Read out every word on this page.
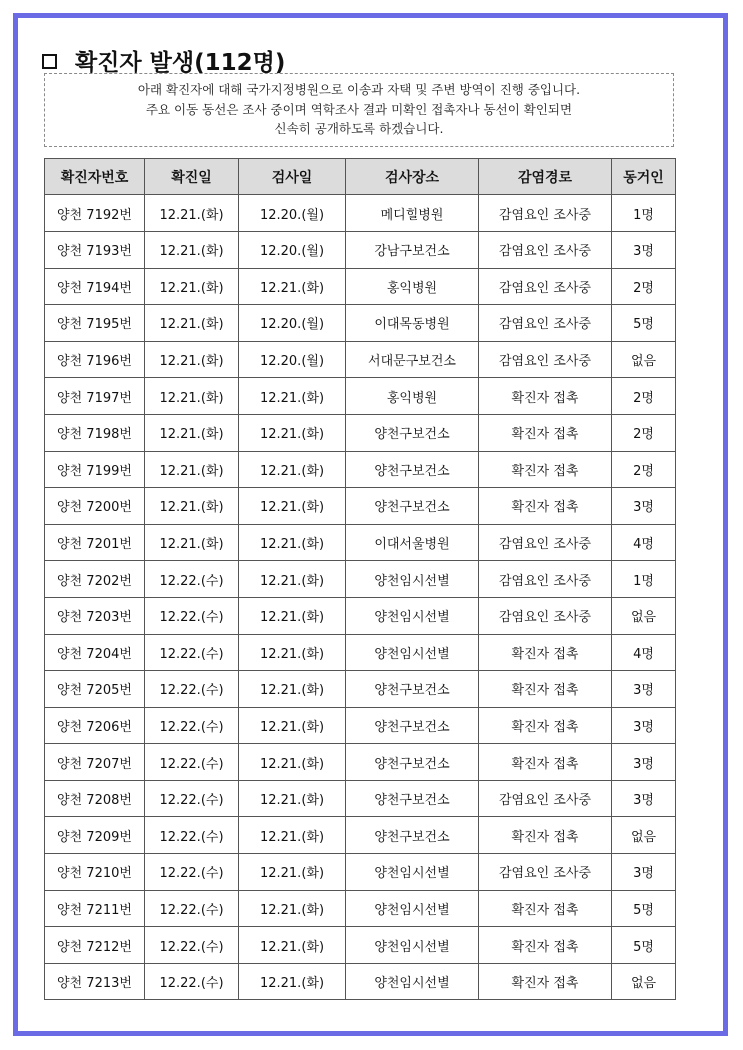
확진자 발생(112명)
아래 확진자에 대해 국가지정병원으로 이송과 자택 및 주변 방역이 진행 중입니다.
주요 이동 동선은 조사 중이며 역학조사 결과 미확인 접촉자나 동선이 확인되면
신속히 공개하도록 하겠습니다.
확진자번호	확진일	검사일	검사장소	감염경로	동거인
양천 7192번	12.21.(화)	12.20.(월)	메디힐병원	감염요인 조사중	1명
양천 7193번	12.21.(화)	12.20.(월)	강남구보건소	감염요인 조사중	3명
양천 7194번	12.21.(화)	12.21.(화)	홍익병원	감염요인 조사중	2명
양천 7195번	12.21.(화)	12.20.(월)	이대목동병원	감염요인 조사중	5명
양천 7196번	12.21.(화)	12.20.(월)	서대문구보건소	감염요인 조사중	없음
양천 7197번	12.21.(화)	12.21.(화)	홍익병원	확진자 접촉	2명
양천 7198번	12.21.(화)	12.21.(화)	양천구보건소	확진자 접촉	2명
양천 7199번	12.21.(화)	12.21.(화)	양천구보건소	확진자 접촉	2명
양천 7200번	12.21.(화)	12.21.(화)	양천구보건소	확진자 접촉	3명
양천 7201번	12.21.(화)	12.21.(화)	이대서울병원	감염요인 조사중	4명
양천 7202번	12.22.(수)	12.21.(화)	양천임시선별	감염요인 조사중	1명
양천 7203번	12.22.(수)	12.21.(화)	양천임시선별	감염요인 조사중	없음
양천 7204번	12.22.(수)	12.21.(화)	양천임시선별	확진자 접촉	4명
양천 7205번	12.22.(수)	12.21.(화)	양천구보건소	확진자 접촉	3명
양천 7206번	12.22.(수)	12.21.(화)	양천구보건소	확진자 접촉	3명
양천 7207번	12.22.(수)	12.21.(화)	양천구보건소	확진자 접촉	3명
양천 7208번	12.22.(수)	12.21.(화)	양천구보건소	감염요인 조사중	3명
양천 7209번	12.22.(수)	12.21.(화)	양천구보건소	확진자 접촉	없음
양천 7210번	12.22.(수)	12.21.(화)	양천임시선별	감염요인 조사중	3명
양천 7211번	12.22.(수)	12.21.(화)	양천임시선별	확진자 접촉	5명
양천 7212번	12.22.(수)	12.21.(화)	양천임시선별	확진자 접촉	5명
양천 7213번	12.22.(수)	12.21.(화)	양천임시선별	확진자 접촉	없음
